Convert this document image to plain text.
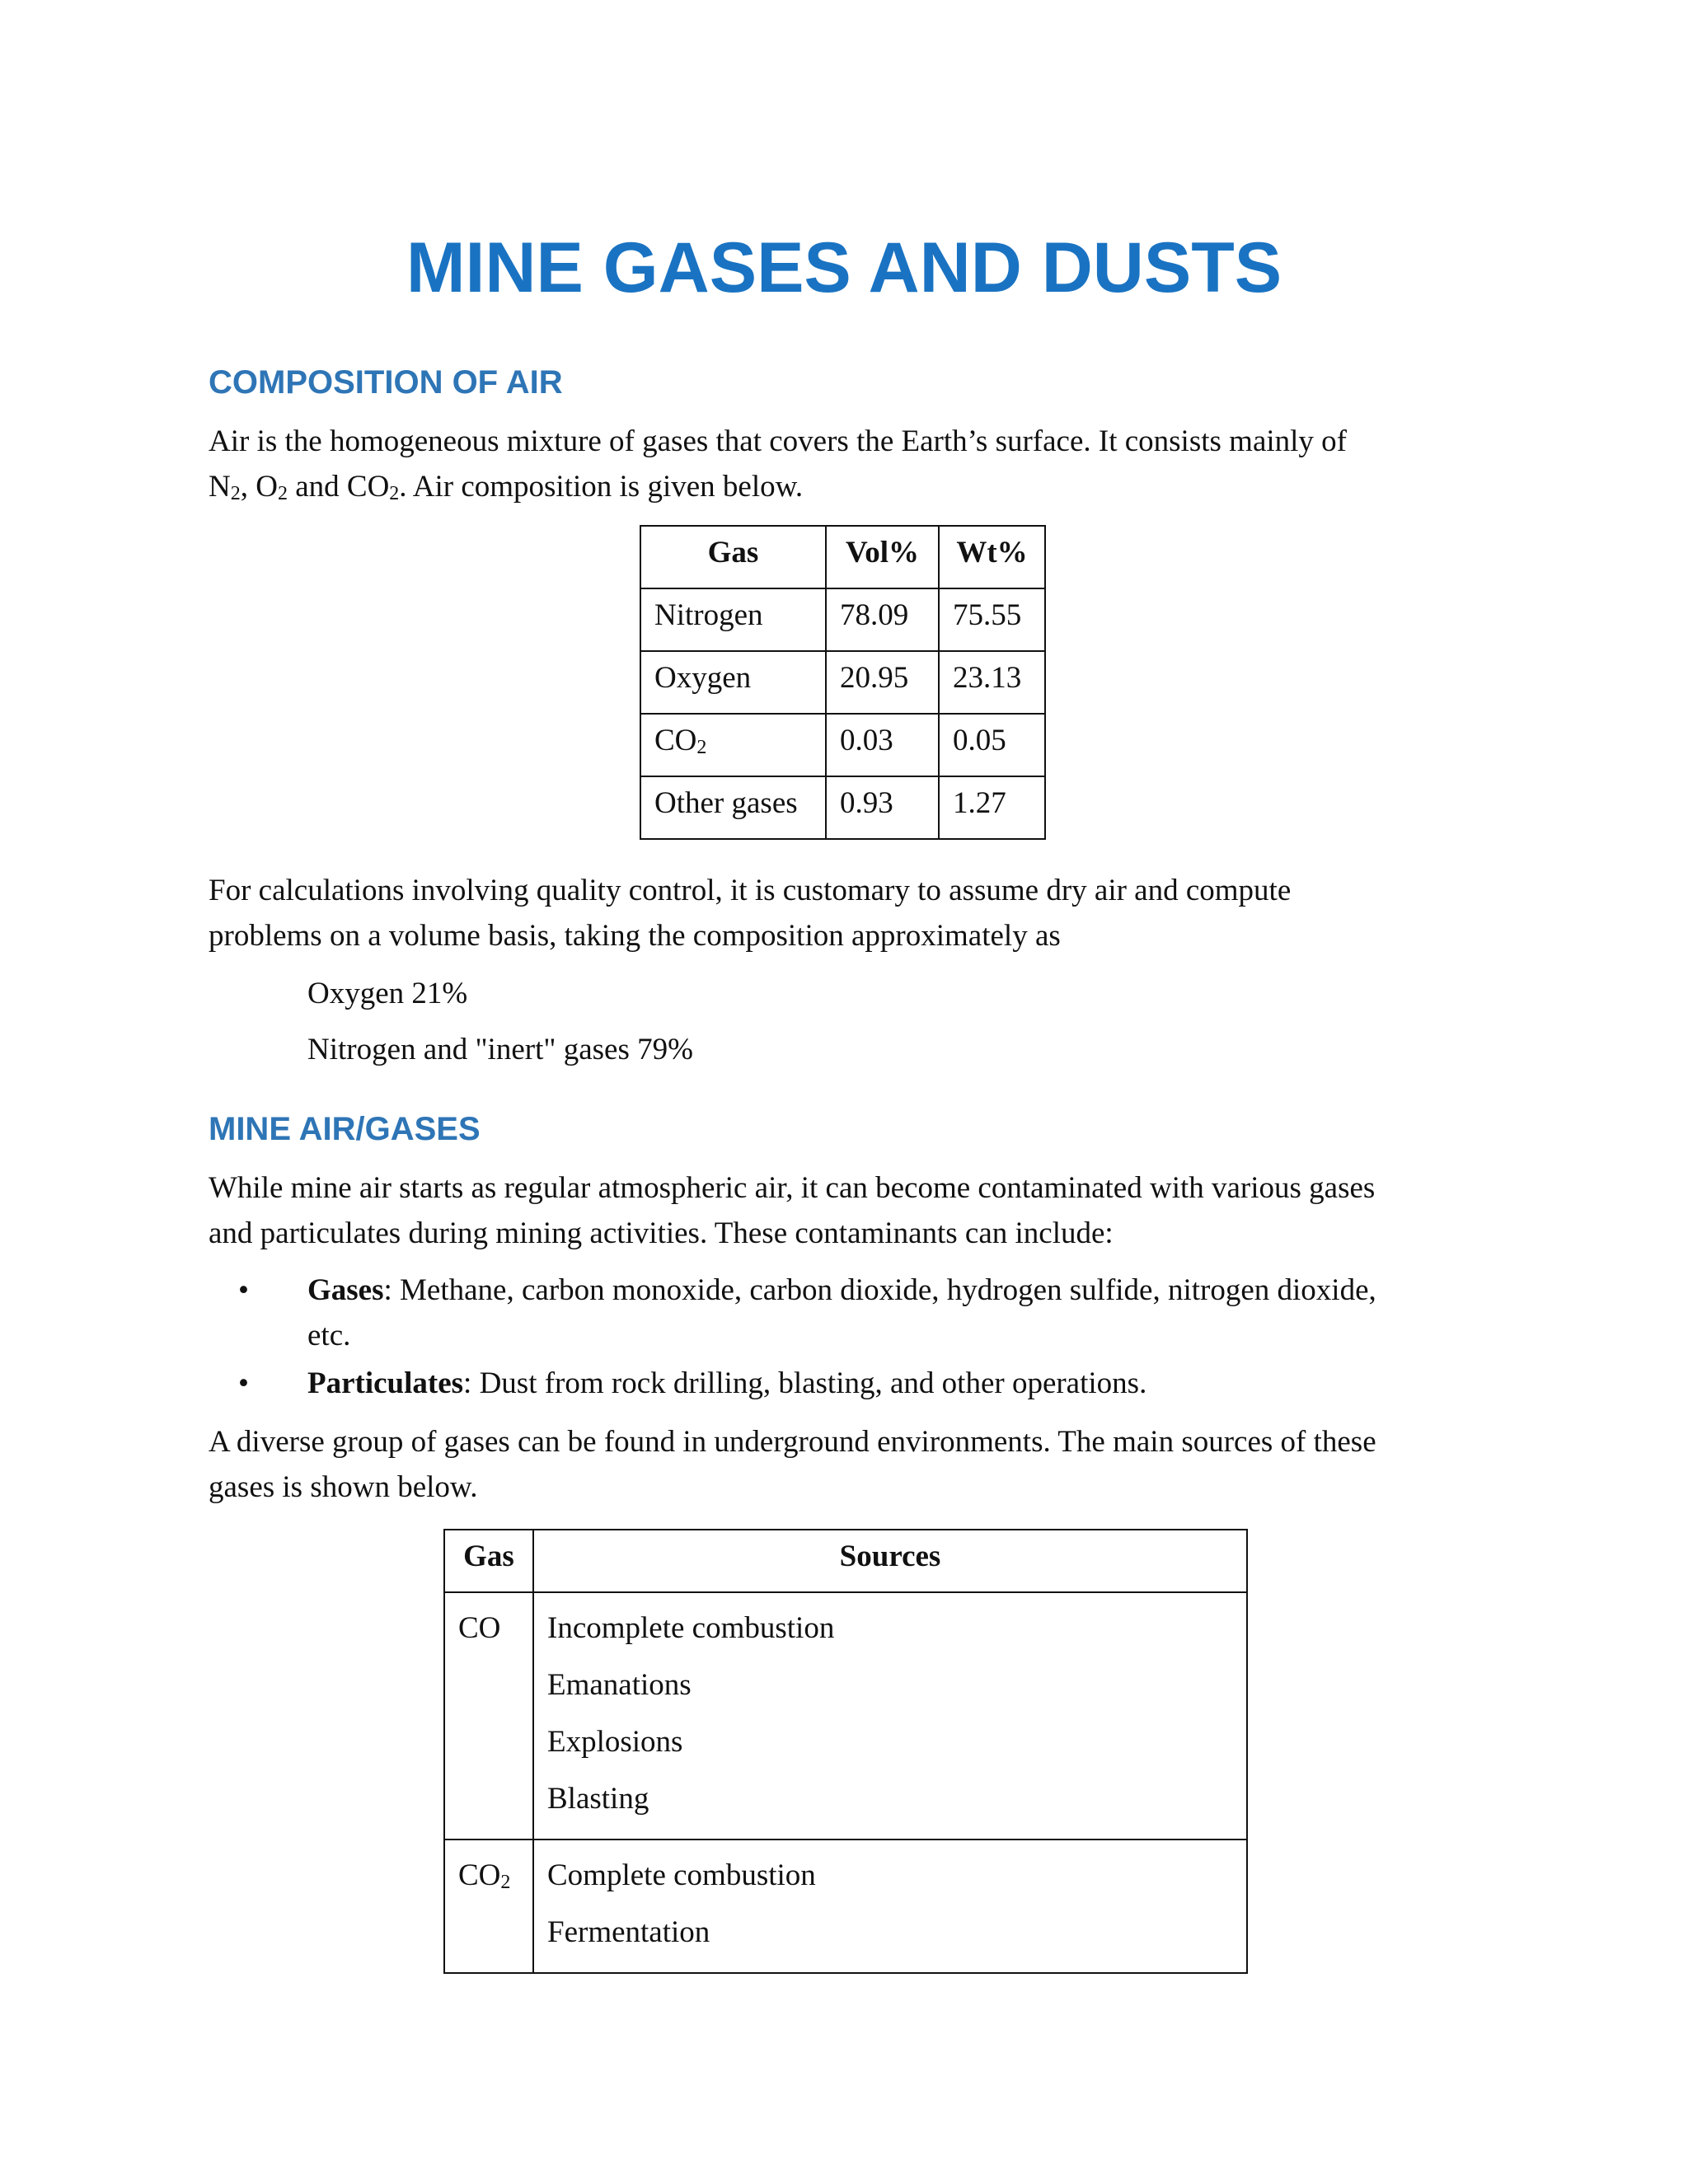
MINE GASES AND DUSTS
COMPOSITION OF AIR

Air is the homogeneous mixture of gases that covers the Earth’s surface. It consists mainly of
$N_2$, $O_2$ and $CO_2$. Air composition is given below.

Gas	Vol%	Wt%
Nitrogen	78.09	75.55
Oxygen	20.95	23.13
$CO_2$	0.03	0.05
Other gases	0.93	1.27

For calculations involving quality control, it is customary to assume dry air and compute
problems on a volume basis, taking the composition approximately as

Oxygen 21%

Nitrogen and "inert" gases 79%

MINE AIR/GASES

While mine air starts as regular atmospheric air, it can become contaminated with various gases
and particulates during mining activities. These contaminants can include:

• Gases: Methane, carbon monoxide, carbon dioxide, hydrogen sulfide, nitrogen dioxide,
etc.
• Particulates: Dust from rock drilling, blasting, and other operations.

A diverse group of gases can be found in underground environments. The main sources of these
gases is shown below.

Gas	Sources
CO	Incomplete combustion
Emanations
Explosions
Blasting

$CO_2$	Complete combustion
Fermentation
